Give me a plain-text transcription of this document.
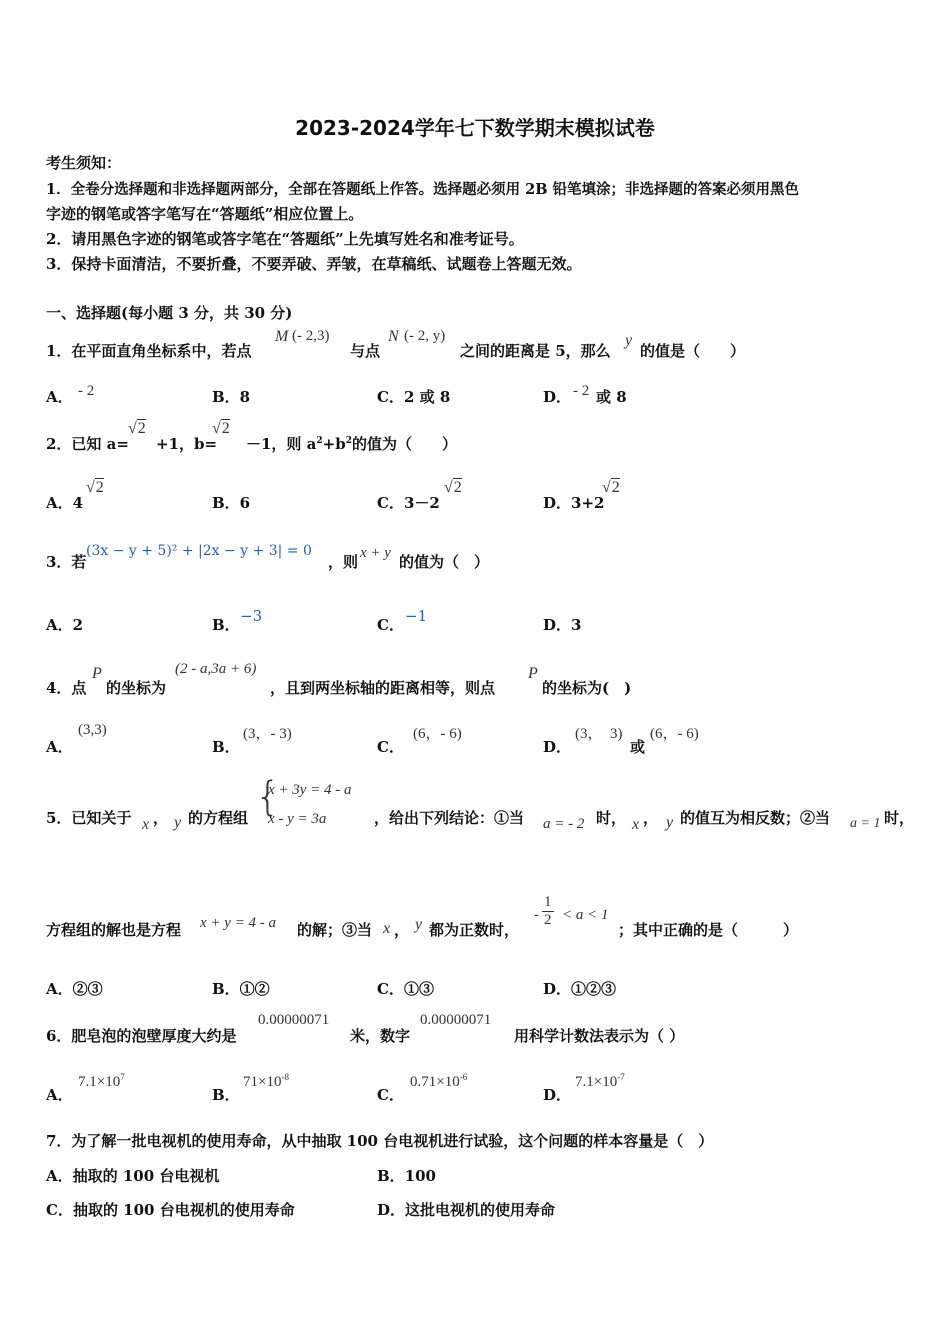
2023-2024学年七下数学期末模拟试卷
考生须知：
1．全卷分选择题和非选择题两部分，全部在答题纸上作答。选择题必须用 2B 铅笔填涂；非选择题的答案必须用黑色
字迹的钢笔或答字笔写在“答题纸”相应位置上。
2．请用黑色字迹的钢笔或答字笔在“答题纸”上先填写姓名和准考证号。
3．保持卡面清洁，不要折叠，不要弄破、弄皱，在草稿纸、试题卷上答题无效。
一、选择题(每小题 3 分，共 30 分)
1．在平面直角坐标系中，若点
M (- 2,3)
与点
N (- 2, y)
之间的距离是 5，那么
y
的值是（　　）
A． - 2	B．8	C．2 或 8	D． - 2 或 8
2．已知 a=
√2
+1，b=
√2
－1，则 $a^2+b^2$的值为（　　）
A．4
√2
B．6	C．3－2
√2
D．3+2
√2
3．若
(3x − y + 5)² + |2x − y + 3| = 0
，则 x + y 的值为（　）
A．2	B． −3	C． −1	D．3
4．点
P
的坐标为
(2 - a,3a + 6)
，且到两坐标轴的距离相等，则点
P
的坐标为(　)
A．
(3,3)
B．
(3，- 3)
C．
(6，- 6)
D．
(3，　3)
或
(6，- 6)
5．已知关于 x ， y 的方程组 {
x + 3y = 4 - a
x - y = 3a	，给出下列结论：①当 a = - 2 时， x ， y 的值互为相反数；②当 a = 1 时，
方程组的解也是方程 x + y = 4 - a 的解；③当 x ， y 都为正数时，
- $\frac{1}{2} < a < 1$
；其中正确的是（　　　）
A．②③	B．①②	C．①③	D．①②③
6．肥皂泡的泡壁厚度大约是
0.00000071
米，数字
0.00000071
用科学计数法表示为（ ）
A．
$7.1\times 10^7$
B．
$71\times 10^{-8}$
C．
$0.71\times 10^{-6}$
D．
$7.1\times 10^{-7}$
7．为了解一批电视机的使用寿命，从中抽取 100 台电视机进行试验，这个问题的样本容量是（　）
A．抽取的 100 台电视机	B．100
C．抽取的 100 台电视机的使用寿命	D．这批电视机的使用寿命
